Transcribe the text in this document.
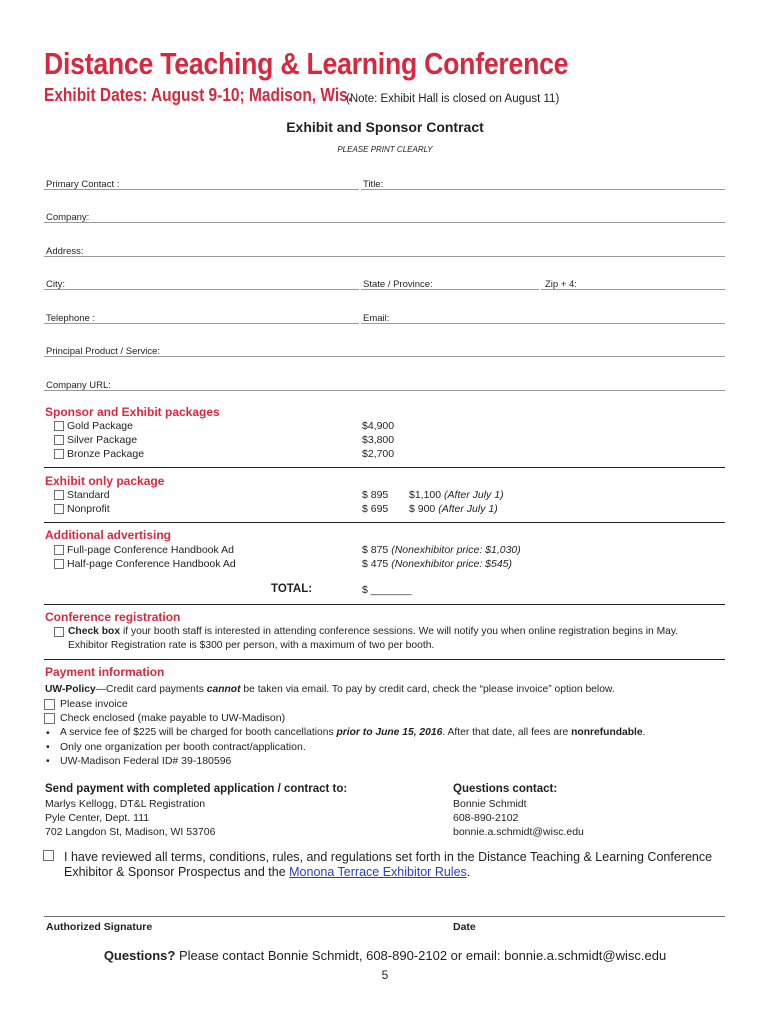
Distance Teaching & Learning Conference
Exhibit Dates: August 9-10; Madison, Wis.
(Note: Exhibit Hall is closed on August 11)
Exhibit and Sponsor Contract
PLEASE PRINT CLEARLY
Primary Contact :	Title:
Company:
Address:
City:	State / Province:	Zip + 4:
Telephone :	Email:
Principal Product / Service:
Company URL:
Sponsor and Exhibit packages
Gold Package	$4,900
Silver Package	$3,800
Bronze Package	$2,700
Exhibit only package
Standard	$ 895 $1,100 (After July 1)
Nonprofit	$ 695 $ 900 (After July 1)
Additional advertising
Full-page Conference Handbook Ad	$ 875 (Nonexhibitor price: $1,030)
Half-page Conference Handbook Ad	$ 475 (Nonexhibitor price: $545)
TOTAL:	$ _______
Conference registration
Check box if your booth staff is interested in attending conference sessions. We will notify you when online registration begins in May.
Exhibitor Registration rate is $300 per person, with a maximum of two per booth.
Payment information
UW-Policy—Credit card payments cannot be taken via email. To pay by credit card, check the “please invoice” option below.
Please invoice
Check enclosed (make payable to UW-Madison)
• A service fee of $225 will be charged for booth cancellations prior to June 15, 2016. After that date, all fees are nonrefundable.
• Only one organization per booth contract/application.
• UW-Madison Federal ID# 39-180596
Send payment with completed application / contract to:
Marlys Kellogg, DT&L Registration
Pyle Center, Dept. 111
702 Langdon St, Madison, WI 53706
Questions contact:
Bonnie Schmidt
608-890-2102
bonnie.a.schmidt@wisc.edu
I have reviewed all terms, conditions, rules, and regulations set forth in the Distance Teaching & Learning Conference
Exhibitor & Sponsor Prospectus and the Monona Terrace Exhibitor Rules.
Authorized Signature	Date
Questions? Please contact Bonnie Schmidt, 608-890-2102 or email: bonnie.a.schmidt@wisc.edu
5
